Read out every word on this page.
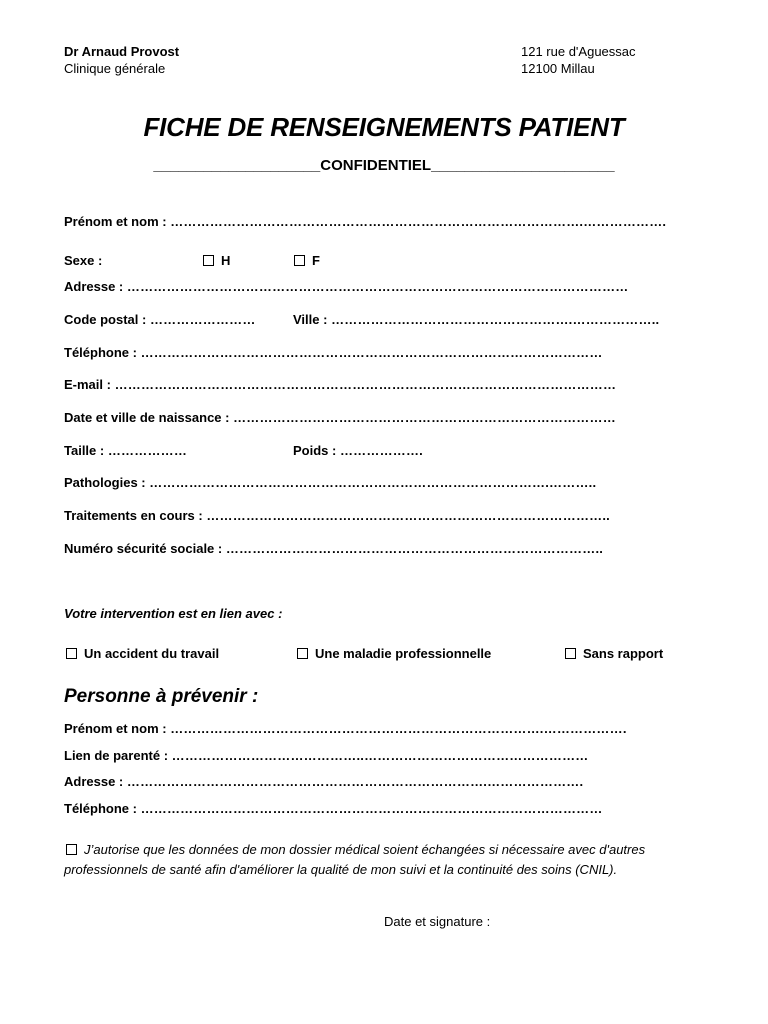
Dr Arnaud Provost
Clinique générale
121 rue d'Aguessac
12100 Millau
FICHE DE RENSEIGNEMENTS PATIENT
____________________CONFIDENTIEL______________________
Prénom et nom : ………………………………………………………………………………….……………….
Sexe :	H	F
Adresse : ……………………………………………………………………………………………………
Code postal : ……………………	Ville : ……………………………………………….………………..
Téléphone : ……………………………………………………………………………………………
E-mail : ……………………………………………………………………………………………………
Date et ville de naissance : ……………………………………………………………………………
Taille : ………………	Poids : ……………….
Pathologies : ……………………………………………………………………………….………..
Traitements en cours : ………………………………………………………………………………..
Numéro sécurité sociale : …………………………………………………………………………..
Votre intervention est en lien avec :
Un accident du travail	Une maladie professionnelle	Sans rapport
Personne à prévenir :
Prénom et nom : ………………………………………………………………………….……………….
Lien de parenté : ……………………………………..……………………………………………
Adresse : ……………………………………………………………………….………………….
Téléphone : ……………………………………………………………………………………………
J’autorise que les données de mon dossier médical soient échangées si nécessaire avec d'autres professionnels de santé afin d'améliorer la qualité de mon suivi et la continuité des soins (CNIL).
Date et signature :
